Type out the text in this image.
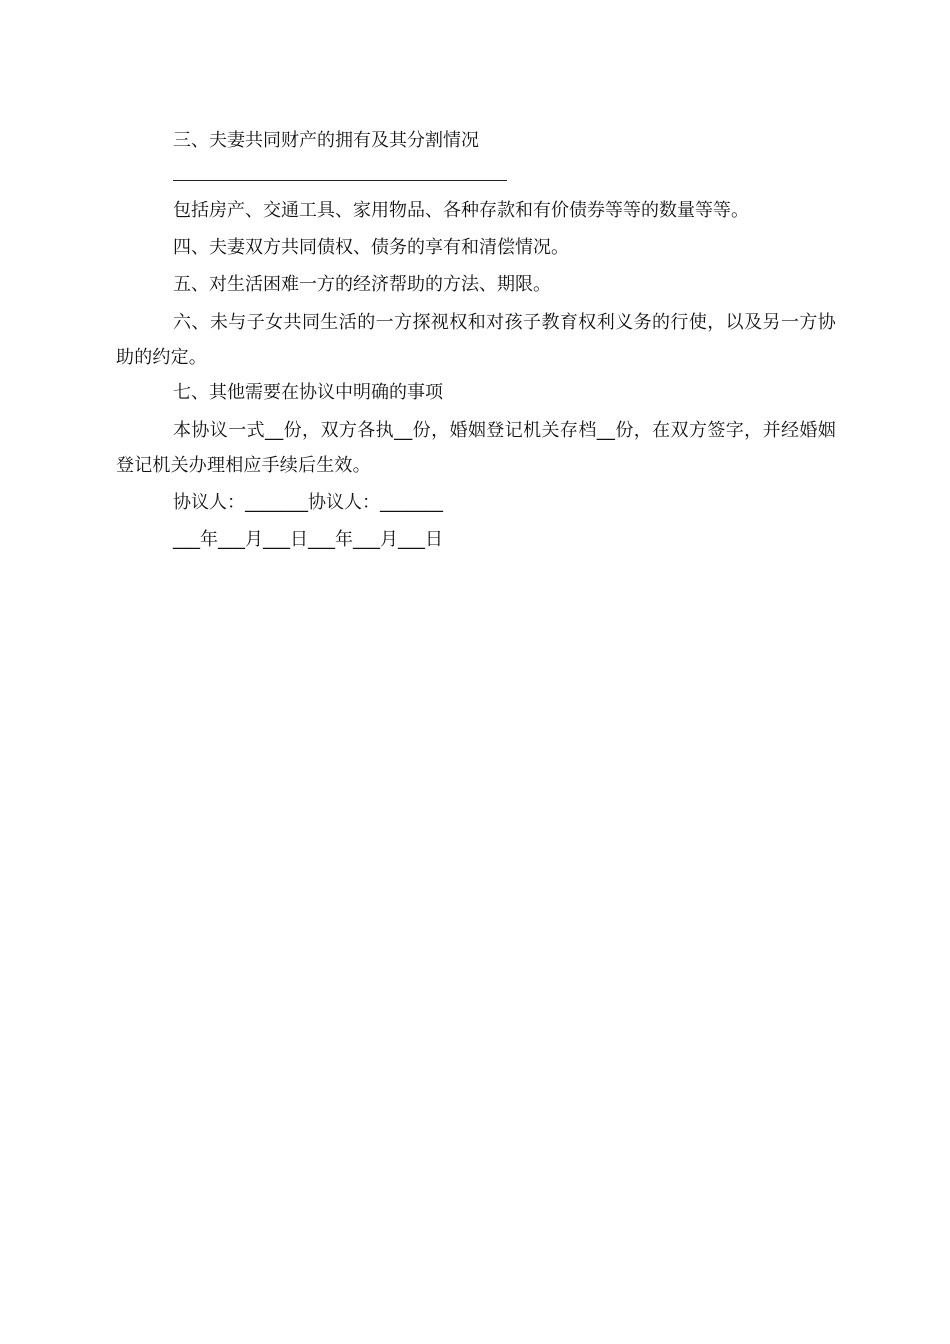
三、夫妻共同财产的拥有及其分割情况

包括房产、交通工具、家用物品、各种存款和有价债券等等的数量等等。

四、夫妻双方共同债权、债务的享有和清偿情况。

五、对生活困难一方的经济帮助的方法、期限。

六、未与子女共同生活的一方探视权和对孩子教育权利义务的行使，以及另一方协助的约定。

七、其他需要在协议中明确的事项

本协议一式__份，双方各执__份，婚姻登记机关存档__份，在双方签字，并经婚姻登记机关办理相应手续后生效。

协议人：_______协议人：_______

___年___月___日___年___月___日
